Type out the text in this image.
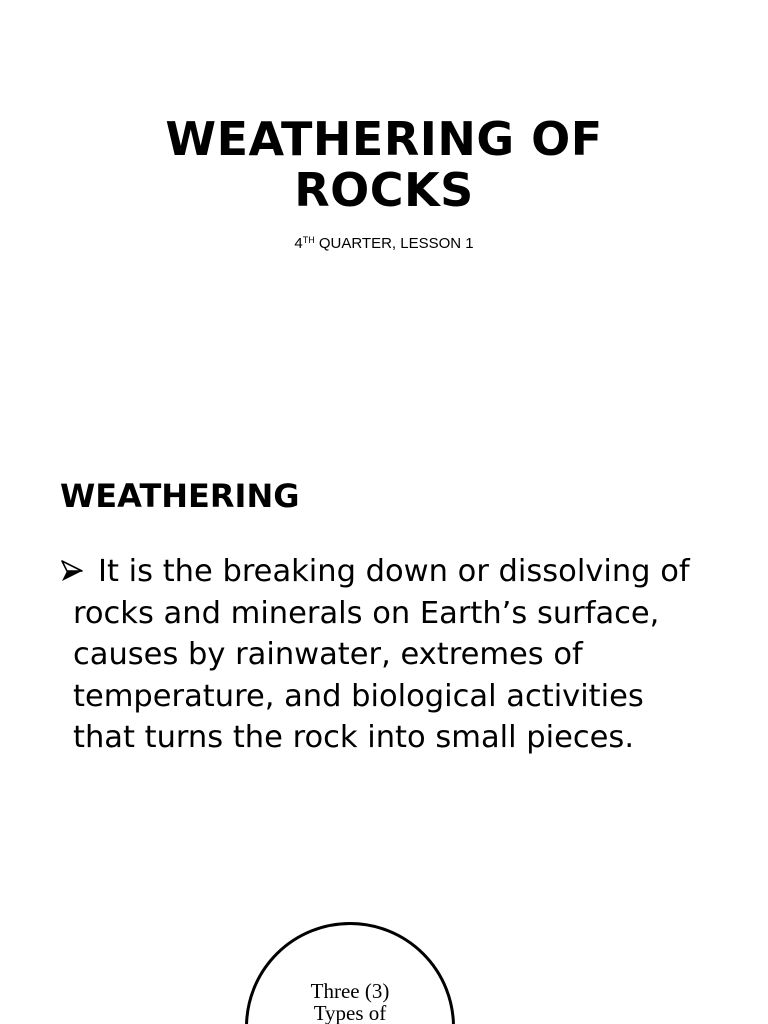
WEATHERING OF
ROCKS
4TH QUARTER, LESSON 1
WEATHERING
It is the breaking down or dissolving of
rocks and minerals on Earth’s surface,
causes by rainwater, extremes of
temperature, and biological activities
that turns the rock into small pieces.
Three (3)
Types of
